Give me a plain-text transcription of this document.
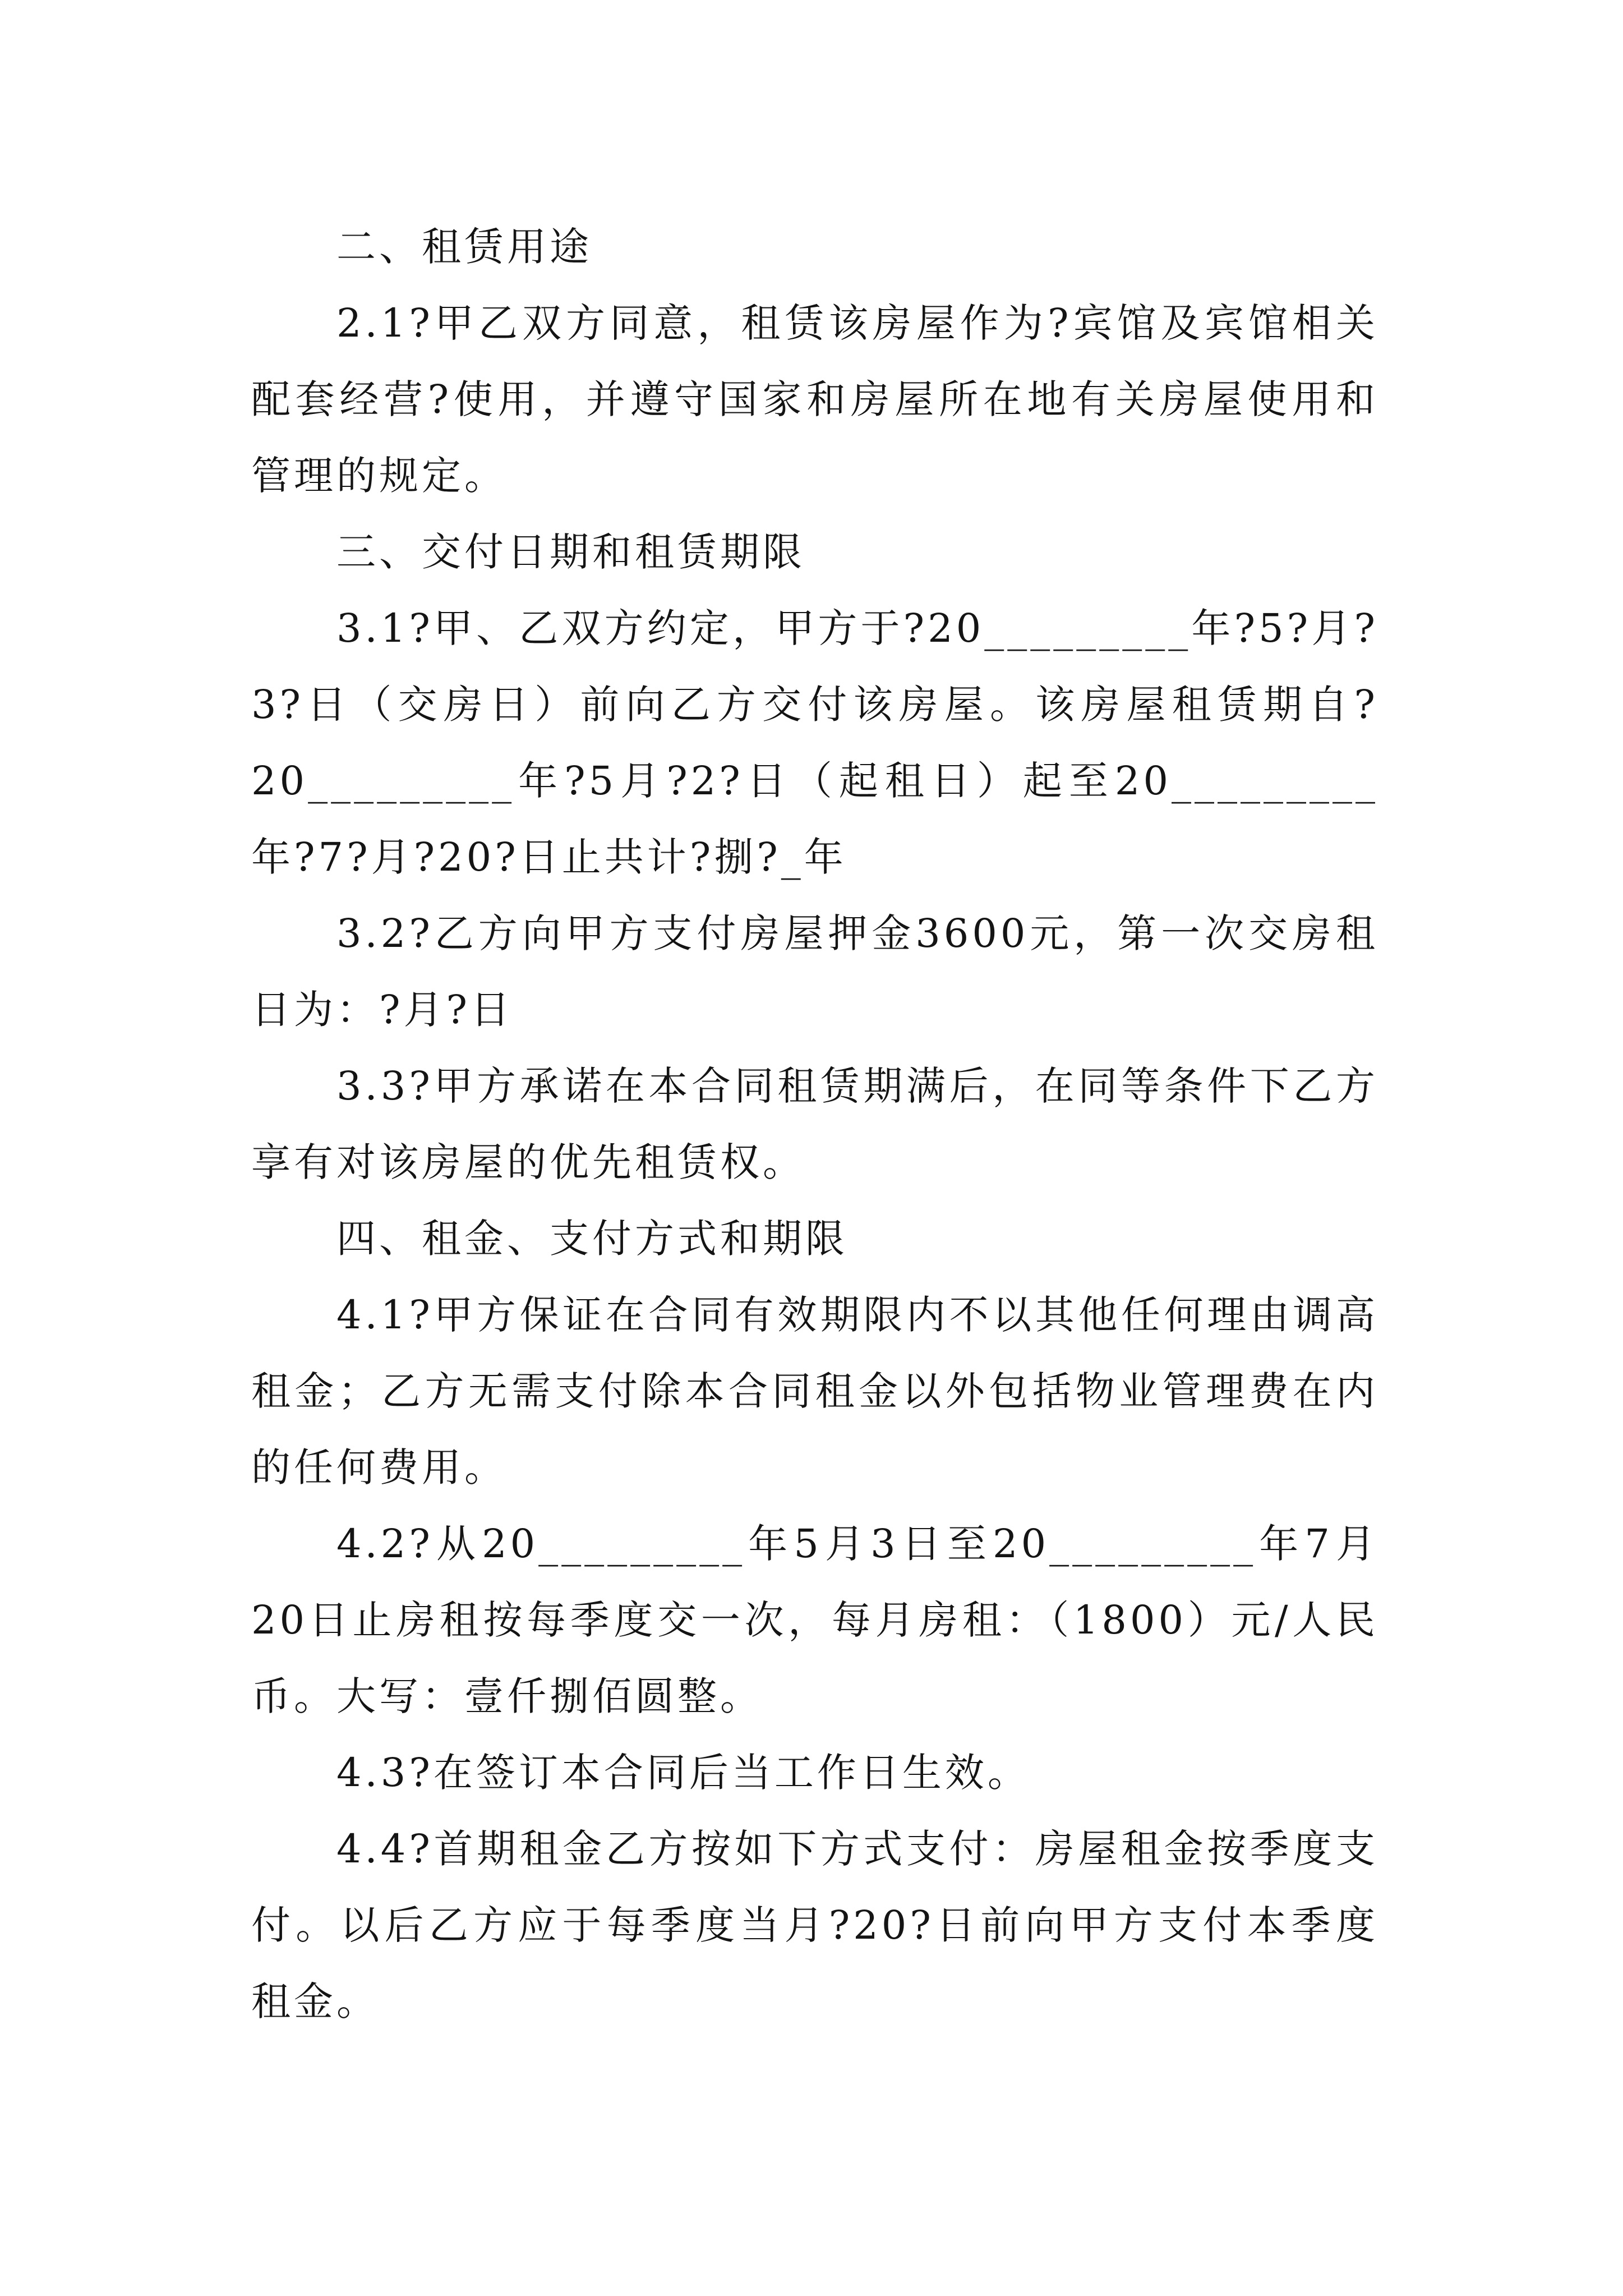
二、租赁用途

2.1?甲乙双方同意，租赁该房屋作为?宾馆及宾馆相关配套经营?使用，并遵守国家和房屋所在地有关房屋使用和管理的规定。

三、交付日期和租赁期限

3.1?甲、乙双方约定，甲方于?20_________年?5?月?3?日（交房日）前向乙方交付该房屋。该房屋租赁期自?20_________年?5月?2?日（起租日）起至20_________年?7?月?20?日止共计?捌?_年

3.2?乙方向甲方支付房屋押金3600元，第一次交房租日为：?月?日

3.3?甲方承诺在本合同租赁期满后，在同等条件下乙方享有对该房屋的优先租赁权。

四、租金、支付方式和期限

4.1?甲方保证在合同有效期限内不以其他任何理由调高租金；乙方无需支付除本合同租金以外包括物业管理费在内的任何费用。

4.2?从20_________年5月3日至20_________年7月20日止房租按每季度交一次，每月房租：（1800）元/人民币。大写：壹仟捌佰圆整。

4.3?在签订本合同后当工作日生效。

4.4?首期租金乙方按如下方式支付：房屋租金按季度支付。以后乙方应于每季度当月?20?日前向甲方支付本季度租金。
